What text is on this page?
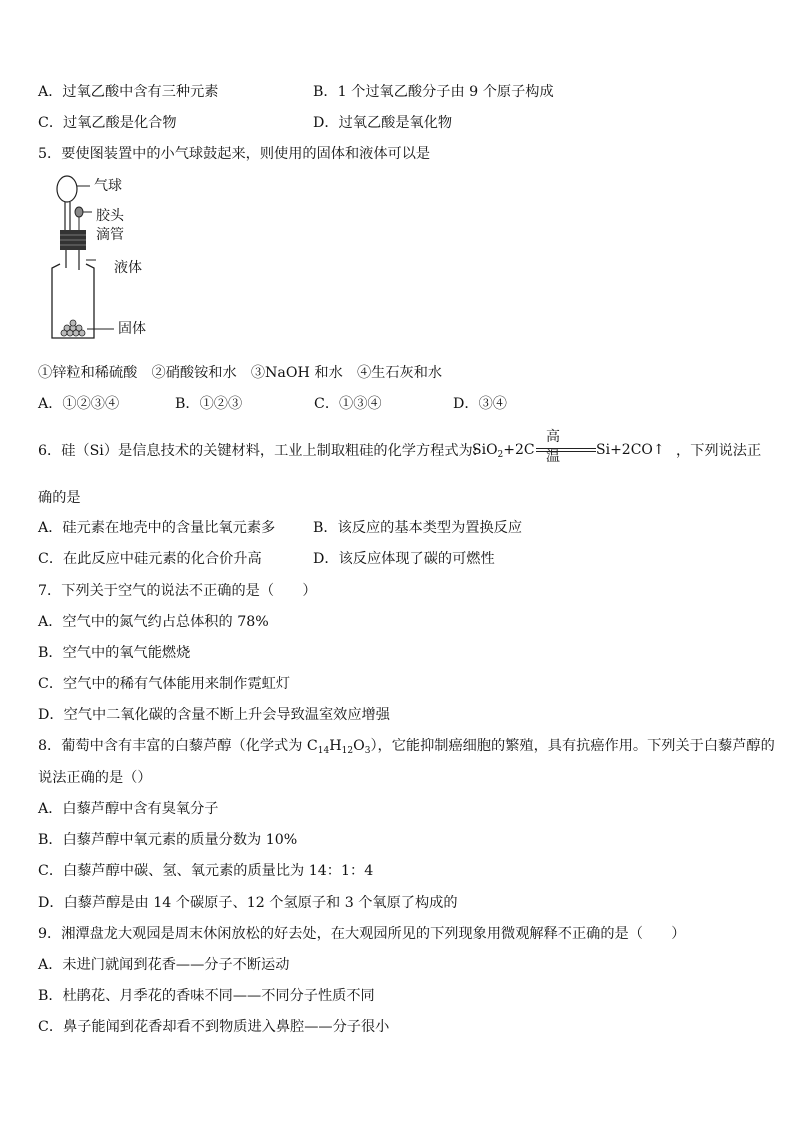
A．过氧乙酸中含有三种元素	B．1 个过氧乙酸分子由 9 个原子构成
C．过氧乙酸是化合物	D．过氧乙酸是氧化物
5．要使图装置中的小气球鼓起来，则使用的固体和液体可以是
气球
胶头
滴管
液体
固体
①锌粒和稀硫酸　②硝酸铵和水　③NaOH 和水　④生石灰和水
A．①②③④	B．①②③	C．①③④	D．③④
6．硅（Si）是信息技术的关键材料，工业上制取粗硅的化学方程式为:
SiO$_2$+2C
高温	Si+2CO↑ ，下列说法正
确的是
A．硅元素在地壳中的含量比氧元素多	B．该反应的基本类型为置换反应
C．在此反应中硅元素的化合价升高	D．该反应体现了碳的可燃性
7．下列关于空气的说法不正确的是（　　）
A．空气中的氮气约占总体积的 78%
B．空气中的氧气能燃烧
C．空气中的稀有气体能用来制作霓虹灯
D．空气中二氧化碳的含量不断上升会导致温室效应增强
8．葡萄中含有丰富的白藜芦醇（化学式为 $C_{14}H_{12}O_3$），它能抑制癌细胞的繁殖，具有抗癌作用。下列关于白藜芦醇的
说法正确的是（）
A．白藜芦醇中含有臭氧分子
B．白藜芦醇中氧元素的质量分数为 10%
C．白藜芦醇中碳、氢、氧元素的质量比为 14：1：4
D．白藜芦醇是由 14 个碳原子、12 个氢原子和 3 个氧原了构成的
9．湘潭盘龙大观园是周末休闲放松的好去处，在大观园所见的下列现象用微观解释不正确的是（　　）
A．未进门就闻到花香——分子不断运动
B．杜鹃花、月季花的香味不同——不同分子性质不同
C．鼻子能闻到花香却看不到物质进入鼻腔——分子很小
